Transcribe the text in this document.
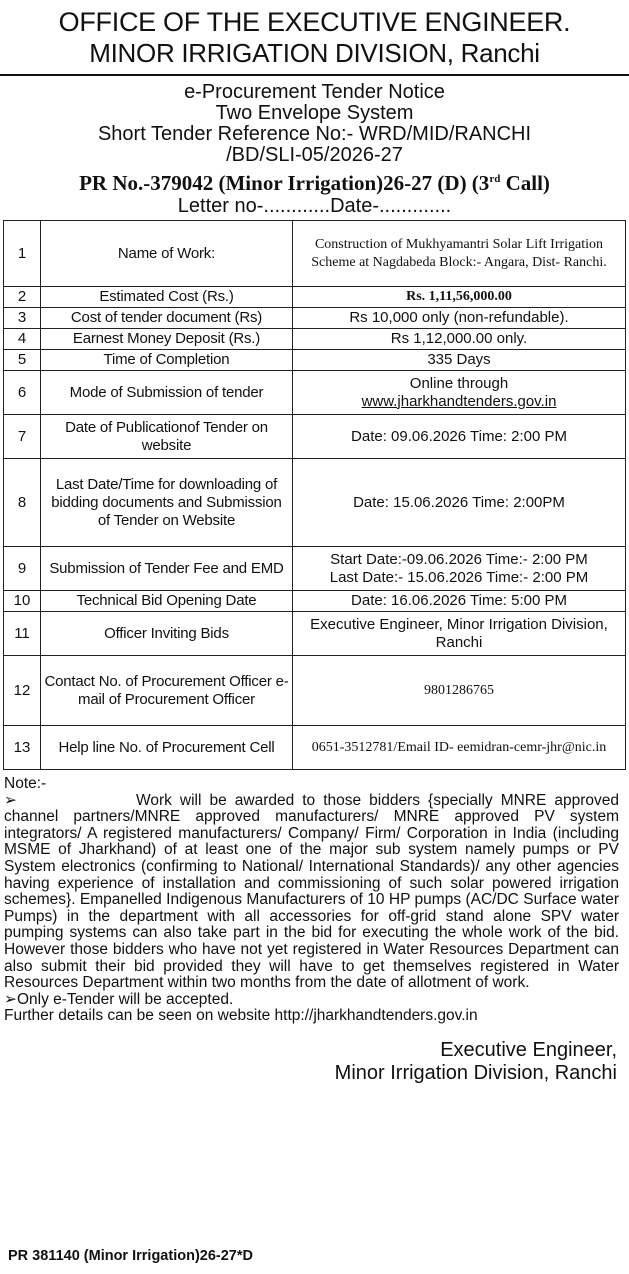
OFFICE OF THE EXECUTIVE ENGINEER.
MINOR IRRIGATION DIVISION, Ranchi
e-Procurement Tender Notice
Two Envelope System
Short Tender Reference No:- WRD/MID/RANCHI
/BD/SLI-05/2026-27
PR No.-379042 (Minor Irrigation)26-27 (D) (3rd Call)
Letter no-............Date-.............
1	Name of Work:	Construction of Mukhyamantri Solar Lift Irrigation Scheme at Nagdabeda Block:- Angara, Dist- Ranchi.
2	Estimated Cost (Rs.)	Rs. 1,11,56,000.00
3	Cost of tender document (Rs)	Rs 10,000 only (non-refundable).
4	Earnest Money Deposit (Rs.)	Rs 1,12,000.00 only.
5	Time of Completion	335 Days
6	Mode of Submission of tender	Online through
www.jharkhandtenders.gov.in

7	Date of Publicationof Tender on website	Date: 09.06.2026 Time: 2:00 PM
8	Last Date/Time for downloading of bidding documents and Submission of Tender on Website	Date: 15.06.2026 Time: 2:00PM
9	Submission of Tender Fee and EMD	Start Date:-09.06.2026 Time:- 2:00 PM
Last Date:- 15.06.2026 Time:- 2:00 PM

10	Technical Bid Opening Date	Date: 16.06.2026 Time: 5:00 PM
11	Officer Inviting Bids	Executive Engineer, Minor Irrigation Division, Ranchi
12	Contact No. of Procurement Officer e-mail of Procurement Officer	9801286765
13	Help line No. of Procurement Cell	0651-3512781/Email ID- eemidran-cemr-jhr@nic.in
Note:-
➢	Work will be awarded to those bidders {specially MNRE approved channel partners/MNRE approved manufacturers/ MNRE approved PV system integrators/ A registered manufacturers/ Company/ Firm/ Corporation in India (including MSME of Jharkhand) of at least one of the major sub system namely pumps or PV System electronics (confirming to National/ International Standards)/ any other agencies having experience of installation and commissioning of such solar powered irrigation schemes}. Empanelled Indigenous Manufacturers of 10 HP pumps (AC/DC Surface water Pumps) in the department with all accessories for off-grid stand alone SPV water pumping systems can also take part in the bid for executing the whole work of the bid. However those bidders who have not yet registered in Water Resources Department can also submit their bid provided they will have to get themselves registered in Water Resources Department within two months from the date of allotment of work.
➢Only e-Tender will be accepted.
Further details can be seen on website http://jharkhandtenders.gov.in
Executive Engineer,
Minor Irrigation Division, Ranchi
PR 381140 (Minor Irrigation)26-27*D
